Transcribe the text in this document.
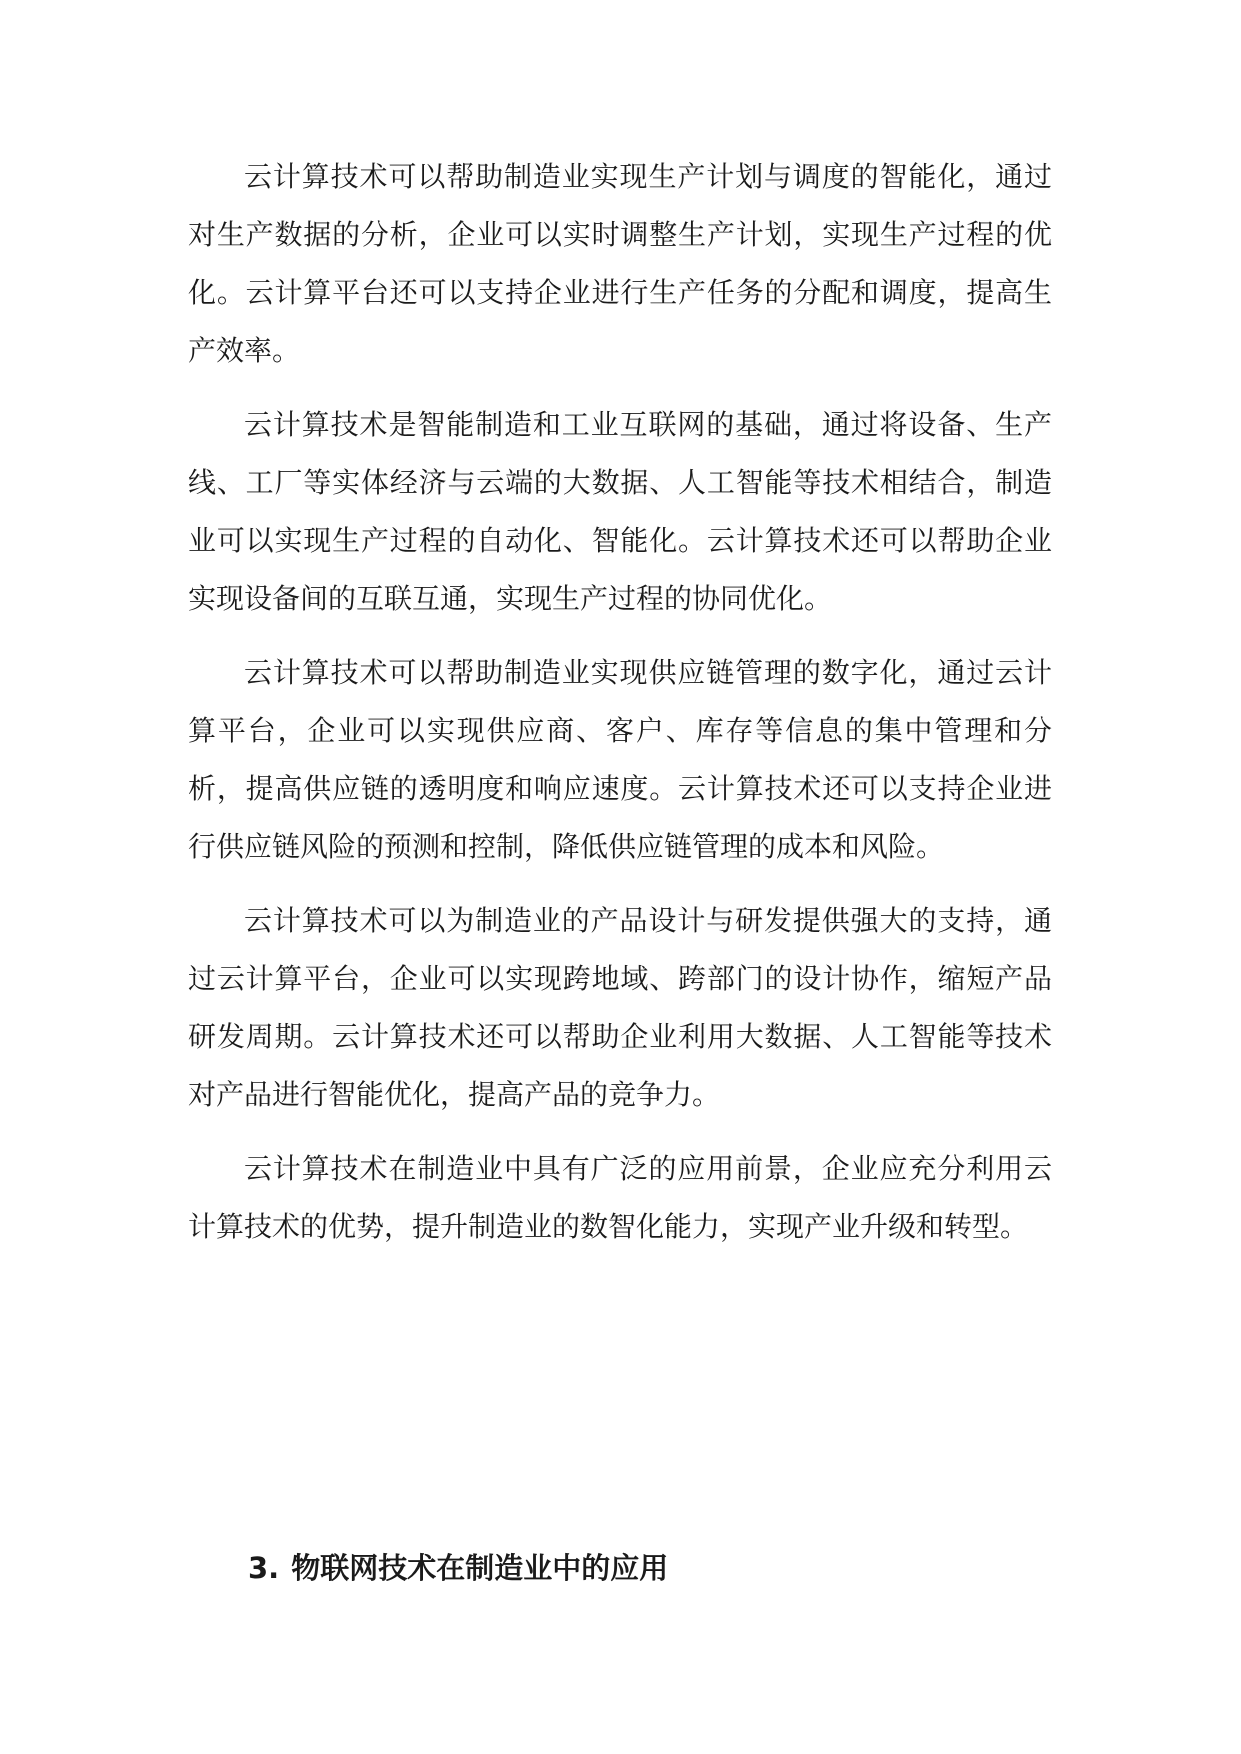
云计算技术可以帮助制造业实现生产计划与调度的智能化，通过对生产数据的分析，企业可以实时调整生产计划，实现生产过程的优化。云计算平台还可以支持企业进行生产任务的分配和调度，提高生产效率。

云计算技术是智能制造和工业互联网的基础，通过将设备、生产线、工厂等实体经济与云端的大数据、人工智能等技术相结合，制造业可以实现生产过程的自动化、智能化。云计算技术还可以帮助企业实现设备间的互联互通，实现生产过程的协同优化。

云计算技术可以帮助制造业实现供应链管理的数字化，通过云计算平台，企业可以实现供应商、客户、库存等信息的集中管理和分析，提高供应链的透明度和响应速度。云计算技术还可以支持企业进行供应链风险的预测和控制，降低供应链管理的成本和风险。

云计算技术可以为制造业的产品设计与研发提供强大的支持，通过云计算平台，企业可以实现跨地域、跨部门的设计协作，缩短产品研发周期。云计算技术还可以帮助企业利用大数据、人工智能等技术对产品进行智能优化，提高产品的竞争力。

云计算技术在制造业中具有广泛的应用前景，企业应充分利用云计算技术的优势，提升制造业的数智化能力，实现产业升级和转型。

3. 物联网技术在制造业中的应用
